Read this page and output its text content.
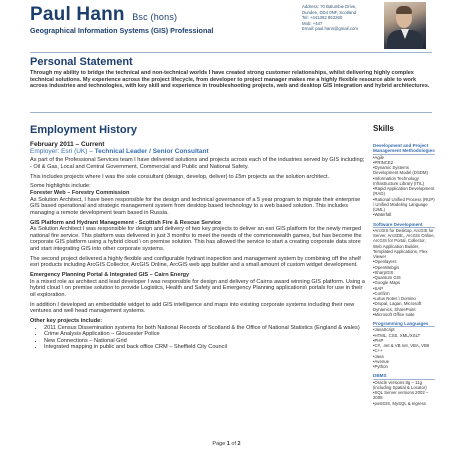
Paul Hann Bsc (hons)
Geographical Information Systems (GIS) Professional
Address: 70 Balumbie Drive,
Dundee, DD4 0NF, Scotland
Tel: +441382 862260
Mob: +447
Email: paul.hann@gmail.com
Personal Statement
Through my ability to bridge the technical and non-technical worlds I have created strong customer relationships, whilst delivering highly complex technical solutions. My experience across the project lifecycle, from developer to project manager makes me a highly flexible resource able to work across industries and technologies, with key skill and experience in troubleshooting projects, web and desktop GIS integration and hybrid architectures.
Employment History	Skills
February 2011 – Current
Employer: Esri (UK) – Technical Leader / Senior Consultant

As part of the Professional Services team I have delivered solutions and projects across each of the industries served by GIS including; - Oil & Gas, Local and Central Government, Commercial and Public and National Safety.

This includes projects where I was the sole consultant (design, develop, deliver) to £5m projects as the solution architect.

Some highlights include:

Forester Web – Forestry Commission

As Solution Architect, I have been responsible for the design and technical governance of a 5 year program to migrate their enterprise GIS based operational and strategic management system from desktop based technology to a web based solution. This includes managing a remote development team based in Russia.

GIS Platform and Hydrant Management - Scottish Fire & Rescue Service

As Solution Architect I was responsible for design and delivery of two key projects to deliver an esri GIS platform for the newly merged national fire service. This platform was delivered in just 3 months to meet the needs of the commonwealth games, but has become the corporate GIS platform using a hybrid cloud \ on premise solution. This has allowed the service to start a creating corporate data store and start integrating GIS into other corporate systems.

The second project delivered a highly flexible and configurable hydrant inspection and management system by combining off the shelf esri products including ArcGIS Collector, ArcGIS Online, ArcGIS web app builder and a small amount of custom widget development.

Emergency Planning Portal & Integrated GIS – Cairn Energy

In a mixed role as architect and lead developer I was responsible for design and delivery of Cairns award winning GIS platform. Using a hybrid cloud \ on premise solution to provide Logistics, Health and Safety and Emergency Planning applications\ portals for use in their oil exploration.

In addition I developed an embeddable widget to add GIS intelligence and maps into existing corporate systems including their new ventures and well head management systems.

Other key projects include:
• 2011 Census Dissemination systems for both National Records of Scotland & the Office of National Statistics (England & wales)
• Crime Analysis Application – Gloucester Police
• New Connections – National Grid
• Integrated mapping in public and back office CRM – Sheffield City Council
Development and Project Management Methodologies
•Agile
•PRINCE2
•Dynamic Systems Development Model (DSDM)
•Information Technology Infrastructure Library (ITIL)
•Rapid Application Development (RAD)
•Rational Unified Process (RUP) \ Unified Modeling Language (UML)
•Waterfall
Software Development
•ArcGIS for Desktop, ArcGIS for Server, ArcSDE,, ArcGIS Online, ArcGIS for Portal, Collector, Web Application Builder, Templated Applications, Flex Viewer
•Openlayers
•OpenWebgis
•SharpGIS
•Quantum GIS
•Google Maps
•SAP
•Confirm
•Lotus Notes \ Domino
•Drupal, Lagan, Microsoft Dynamics, SharePoint
•Microsoft Office suite
Programming Languages
•JavaScript
•HTML, CSS, XML/XSLT
•PHP
•C#, .net & VB.net, VBA, VB6
•C++
•Java
•Avenue
•Python
DBMS
•Oracle versions 8g – 11g (including Spatial & Locator)
•SQL Server versions 2002 – 2008
•postGIS, MySQL & Ingress
Page 1 of 2
